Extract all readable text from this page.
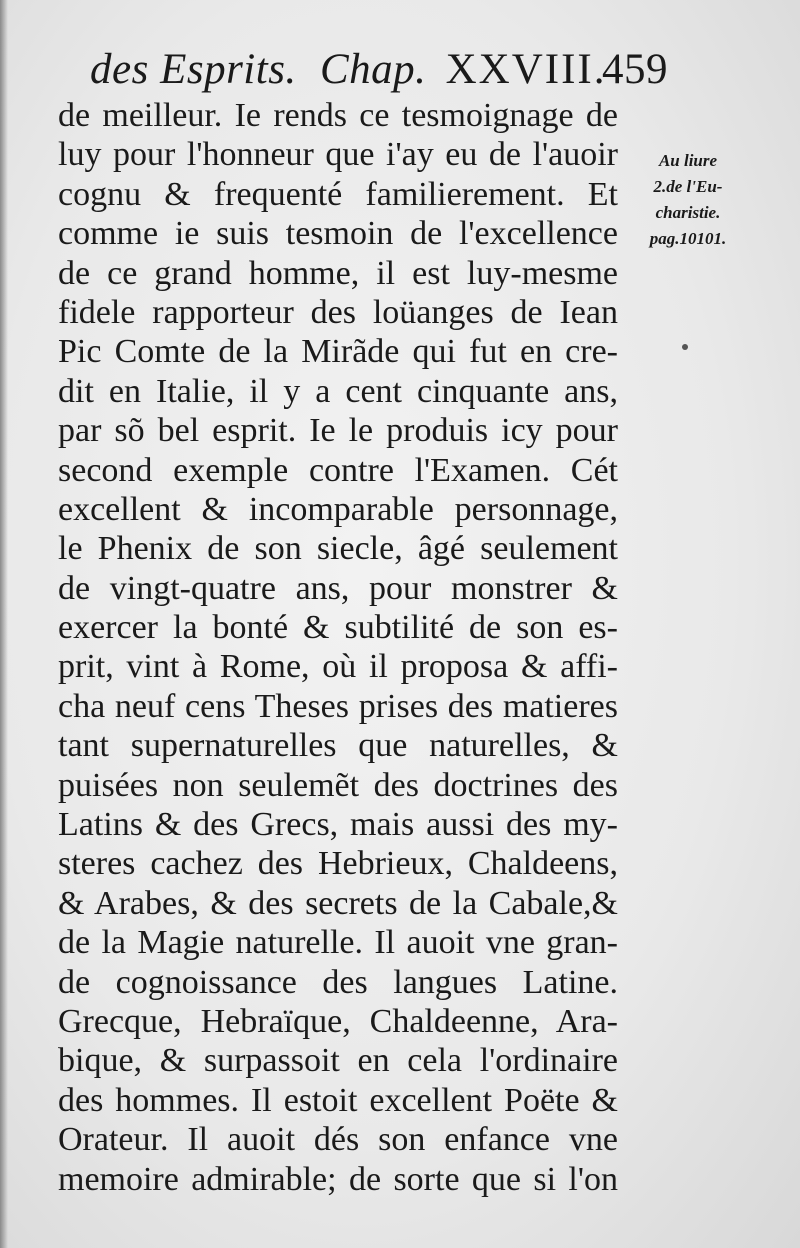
des Esprits. Chap. XXVIII.
459
de meilleur. Ie rends ce tesmoignage de
luy pour l'honneur que i'ay eu de l'auoir
cognu & frequenté familierement. Et
comme ie suis tesmoin de l'excellence
de ce grand homme, il est luy-mesme
fidele rapporteur des loüanges de Iean
Pic Comte de la Mirãde qui fut en cre-
dit en Italie, il y a cent cinquante ans,
par sõ bel esprit. Ie le produis icy pour
second exemple contre l'Examen. Cét
excellent & incomparable personnage,
le Phenix de son siecle, âgé seulement
de vingt-quatre ans, pour monstrer &
exercer la bonté & subtilité de son es-
prit, vint à Rome, où il proposa & affi-
cha neuf cens Theses prises des matieres
tant supernaturelles que naturelles, &
puisées non seulemẽt des doctrines des
Latins & des Grecs, mais aussi des my-
steres cachez des Hebrieux, Chaldeens,
& Arabes, & des secrets de la Cabale,&
de la Magie naturelle. Il auoit vne gran-
de cognoissance des langues Latine.
Grecque, Hebraïque, Chaldeenne, Ara-
bique, & surpassoit en cela l'ordinaire
des hommes. Il estoit excellent Poëte &
Orateur. Il auoit dés son enfance vne
memoire admirable; de sorte que si l'on
Au liure
2.de l'Eu-
charistie.
pag.10101.
